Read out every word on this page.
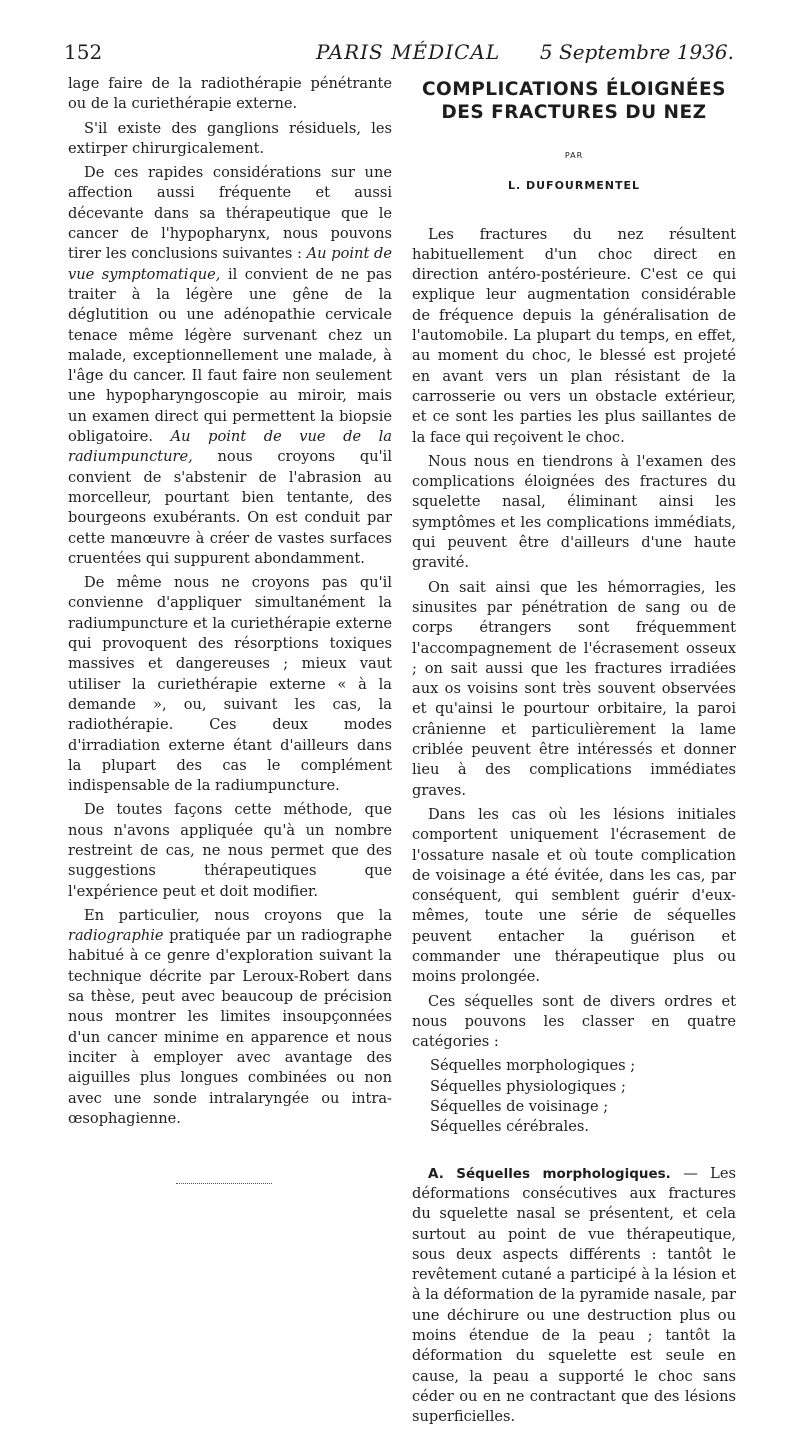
152	PARIS MÉDICAL 5 Septembre 1936.

lage faire de la radiothérapie pénétrante ou de la curiethérapie externe.

S'il existe des ganglions résiduels, les extirper chirurgicalement.

De ces rapides considérations sur une affection aussi fréquente et aussi décevante dans sa thérapeutique que le cancer de l'hypopharynx, nous pouvons tirer les conclusions suivantes : Au point de vue symptomatique, il convient de ne pas traiter à la légère une gêne de la déglutition ou une adénopathie cervicale tenace même légère survenant chez un malade, exceptionnellement une malade, à l'âge du cancer. Il faut faire non seulement une hypopharyngoscopie au miroir, mais un examen direct qui permettent la biopsie obligatoire. Au point de vue de la radiumpuncture, nous croyons qu'il convient de s'abstenir de l'abrasion au morcelleur, pourtant bien tentante, des bourgeons exubérants. On est conduit par cette manœuvre à créer de vastes surfaces cruentées qui suppurent abondamment.

De même nous ne croyons pas qu'il convienne d'appliquer simultanément la radiumpuncture et la curiethérapie externe qui provoquent des résorptions toxiques massives et dangereuses ; mieux vaut utiliser la curiethérapie externe « à la demande », ou, suivant les cas, la radiothérapie. Ces deux modes d'irradiation externe étant d'ailleurs dans la plupart des cas le complément indispensable de la radiumpuncture.

De toutes façons cette méthode, que nous n'avons appliquée qu'à un nombre restreint de cas, ne nous permet que des suggestions thérapeutiques que l'expérience peut et doit modifier.

En particulier, nous croyons que la radiographie pratiquée par un radiographe habitué à ce genre d'exploration suivant la technique décrite par Leroux-Robert dans sa thèse, peut avec beaucoup de précision nous montrer les limites insoupçonnées d'un cancer minime en apparence et nous inciter à employer avec avantage des aiguilles plus longues combinées ou non avec une sonde intralaryngée ou intra-œsophagienne.

COMPLICATIONS ÉLOIGNÉES
DES FRACTURES DU NEZ
PAR
L. DUFOURMENTEL

Les fractures du nez résultent habituellement d'un choc direct en direction antéro-postérieure. C'est ce qui explique leur augmentation considérable de fréquence depuis la généralisation de l'automobile. La plupart du temps, en effet, au moment du choc, le blessé est projeté en avant vers un plan résistant de la carrosserie ou vers un obstacle extérieur, et ce sont les parties les plus saillantes de la face qui reçoivent le choc.

Nous nous en tiendrons à l'examen des complications éloignées des fractures du squelette nasal, éliminant ainsi les symptômes et les complications immédiats, qui peuvent être d'ailleurs d'une haute gravité.

On sait ainsi que les hémorragies, les sinusites par pénétration de sang ou de corps étrangers sont fréquemment l'accompagnement de l'écrasement osseux ; on sait aussi que les fractures irradiées aux os voisins sont très souvent observées et qu'ainsi le pourtour orbitaire, la paroi crânienne et particulièrement la lame criblée peuvent être intéressés et donner lieu à des complications immédiates graves.

Dans les cas où les lésions initiales comportent uniquement l'écrasement de l'ossature nasale et où toute complication de voisinage a été évitée, dans les cas, par conséquent, qui semblent guérir d'eux-mêmes, toute une série de séquelles peuvent entacher la guérison et commander une thérapeutique plus ou moins prolongée.

Ces séquelles sont de divers ordres et nous pouvons les classer en quatre catégories :

Séquelles morphologiques ;
Séquelles physiologiques ;
Séquelles de voisinage ;
Séquelles cérébrales.

A. Séquelles morphologiques. — Les déformations consécutives aux fractures du squelette nasal se présentent, et cela surtout au point de vue thérapeutique, sous deux aspects différents : tantôt le revêtement cutané a participé à la lésion et à la déformation de la pyramide nasale, par une déchirure ou une destruction plus ou moins étendue de la peau ; tantôt la déformation du squelette est seule en cause, la peau a supporté le choc sans céder ou en ne contractant que des lésions superficielles.
